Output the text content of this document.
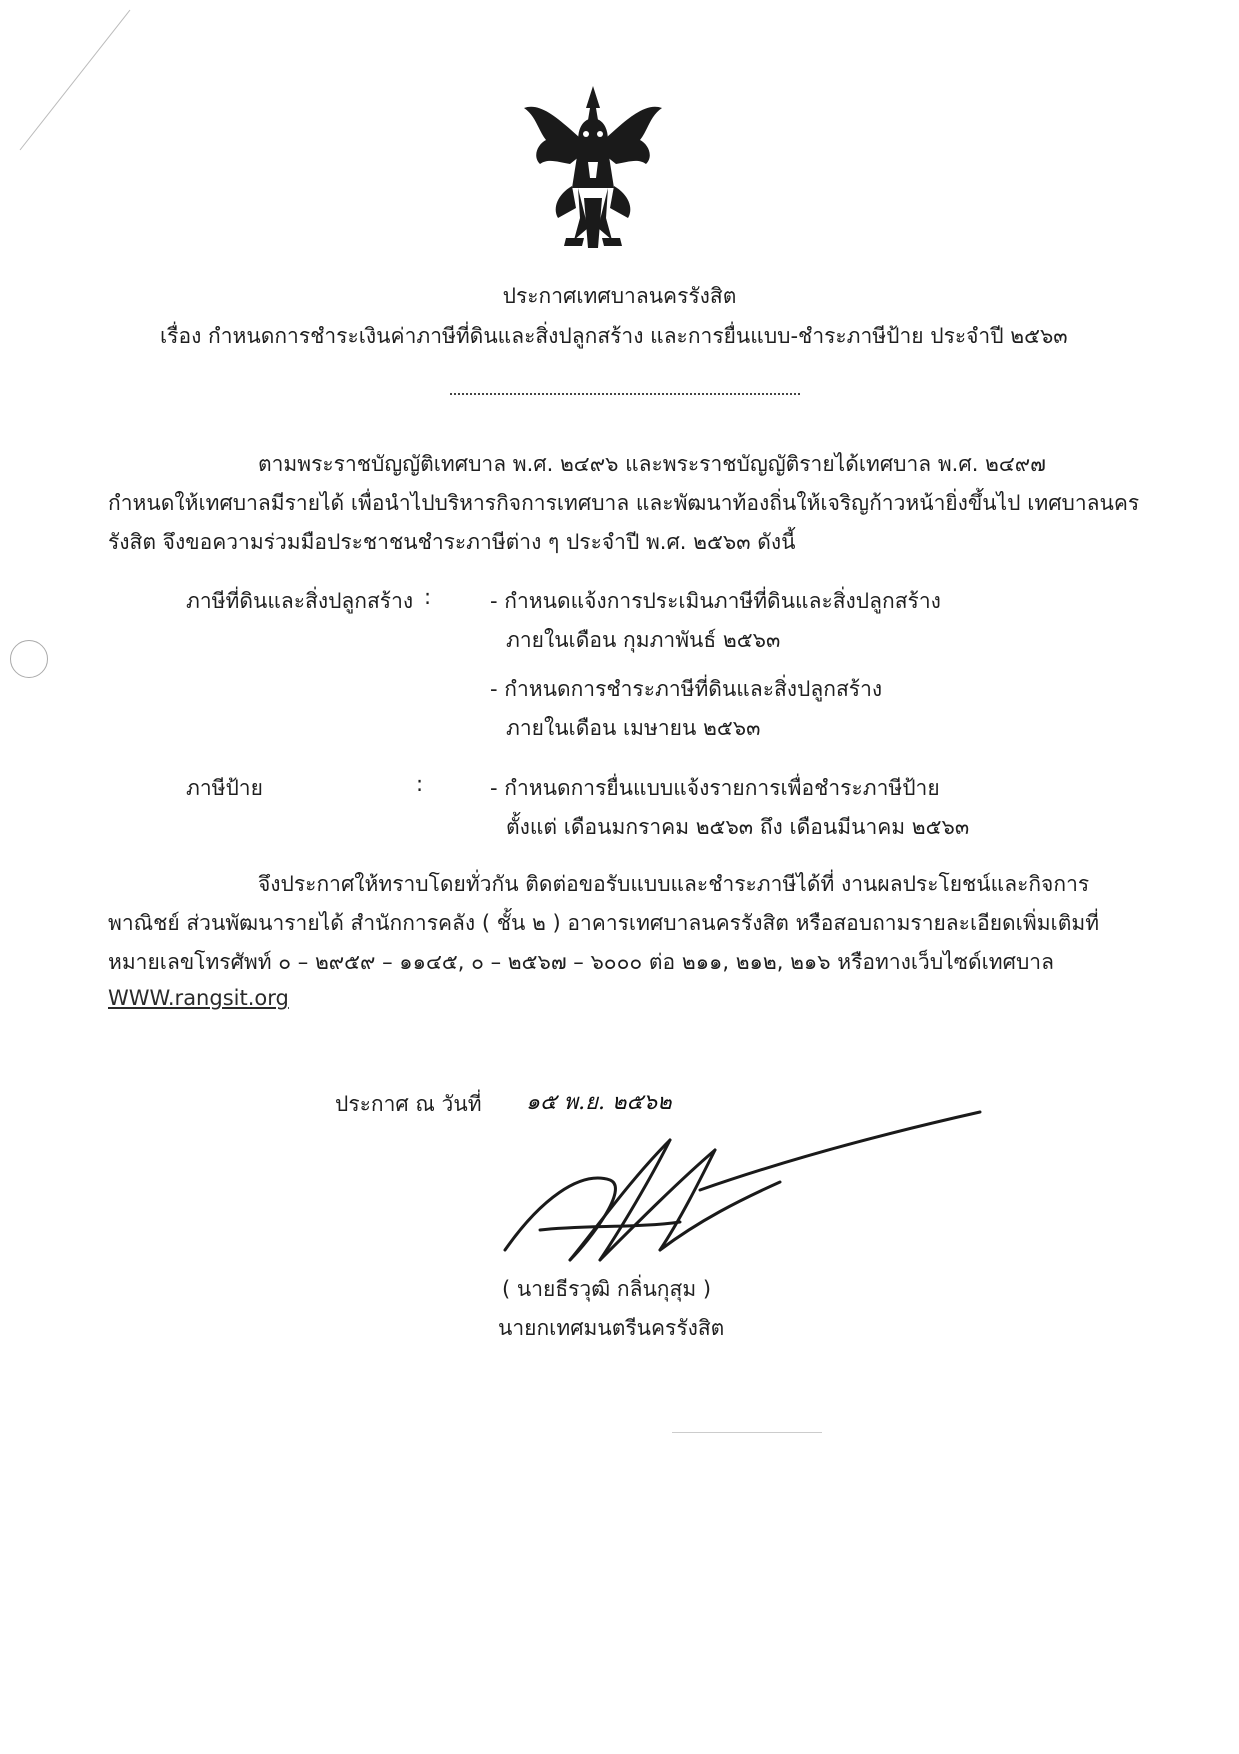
ประกาศเทศบาลนครรังสิต
เรื่อง กำหนดการชำระเงินค่าภาษีที่ดินและสิ่งปลูกสร้าง และการยื่นแบบ-ชำระภาษีป้าย ประจำปี ๒๕๖๓
ตามพระราชบัญญัติเทศบาล พ.ศ. ๒๔๙๖ และพระราชบัญญัติรายได้เทศบาล พ.ศ. ๒๔๙๗
กำหนดให้เทศบาลมีรายได้ เพื่อนำไปบริหารกิจการเทศบาล และพัฒนาท้องถิ่นให้เจริญก้าวหน้ายิ่งขึ้นไป เทศบาลนคร
รังสิต จึงขอความร่วมมือประชาชนชำระภาษีต่าง ๆ ประจำปี พ.ศ. ๒๕๖๓ ดังนี้
ภาษีที่ดินและสิ่งปลูกสร้าง :	- กำหนดแจ้งการประเมินภาษีที่ดินและสิ่งปลูกสร้าง
ภายในเดือน กุมภาพันธ์ ๒๕๖๓
- กำหนดการชำระภาษีที่ดินและสิ่งปลูกสร้าง
ภายในเดือน เมษายน ๒๕๖๓
ภาษีป้าย	:	- กำหนดการยื่นแบบแจ้งรายการเพื่อชำระภาษีป้าย
ตั้งแต่ เดือนมกราคม ๒๕๖๓ ถึง เดือนมีนาคม ๒๕๖๓
จึงประกาศให้ทราบโดยทั่วกัน ติดต่อขอรับแบบและชำระภาษีได้ที่ งานผลประโยชน์และกิจการ
พาณิชย์ ส่วนพัฒนารายได้ สำนักการคลัง ( ชั้น ๒ ) อาคารเทศบาลนครรังสิต หรือสอบถามรายละเอียดเพิ่มเติมที่
หมายเลขโทรศัพท์ ๐ – ๒๙๕๙ – ๑๑๔๕, ๐ – ๒๕๖๗ – ๖๐๐๐ ต่อ ๒๑๑, ๒๑๒, ๒๑๖ หรือทางเว็บไซด์เทศบาล
WWW.rangsit.org
ประกาศ ณ วันที่ ๑๕ พ.ย. ๒๕๖๒
( นายธีรวุฒิ กลิ่นกุสุม )
นายกเทศมนตรีนครรังสิต
